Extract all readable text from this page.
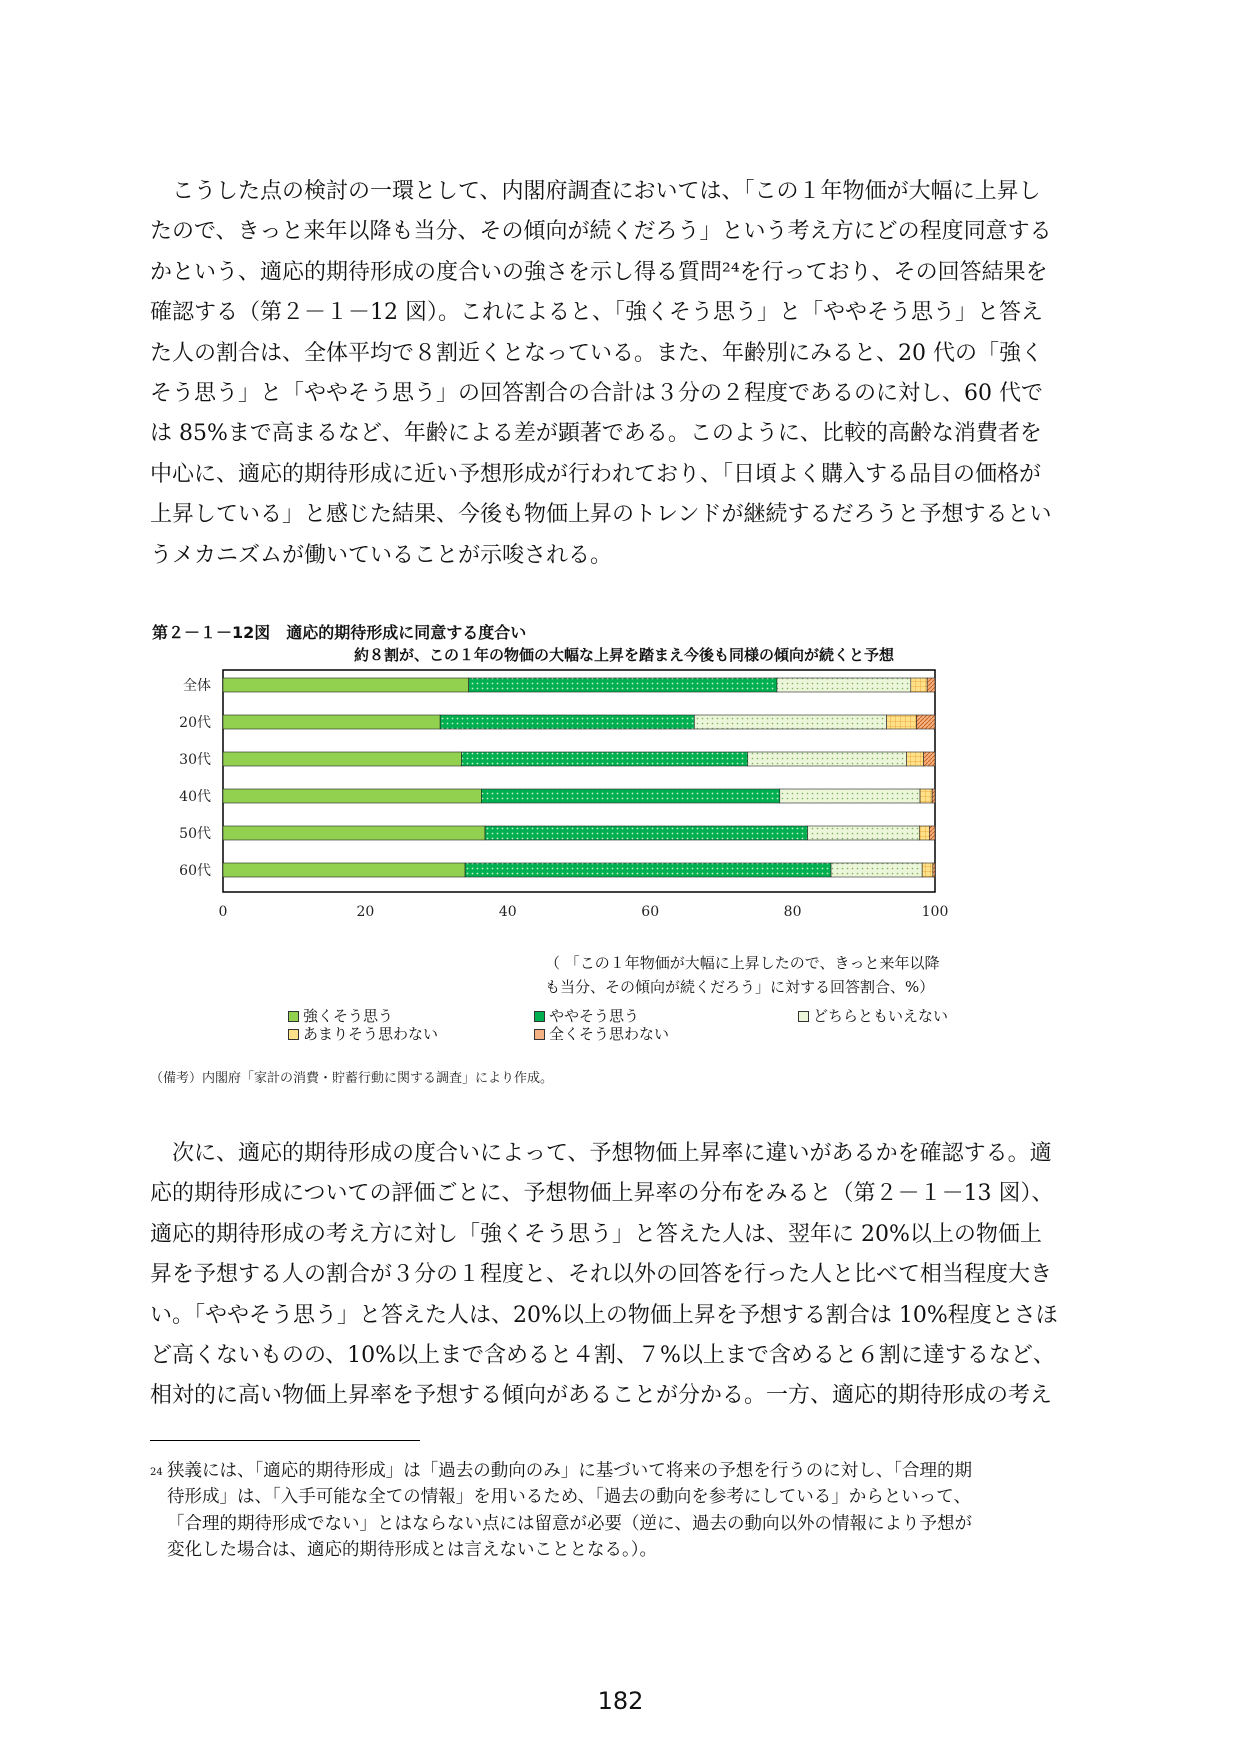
　こうした点の検討の一環として、内閣府調査においては、「この１年物価が大幅に上昇し
たので、きっと来年以降も当分、その傾向が続くだろう」という考え方にどの程度同意する
かという、適応的期待形成の度合いの強さを示し得る質問²⁴を行っており、その回答結果を
確認する（第２－１－12 図）。これによると、「強くそう思う」と「ややそう思う」と答え
た人の割合は、全体平均で８割近くとなっている。また、年齢別にみると、20 代の「強く
そう思う」と「ややそう思う」の回答割合の合計は３分の２程度であるのに対し、60 代で
は 85%まで高まるなど、年齢による差が顕著である。このように、比較的高齢な消費者を
中心に、適応的期待形成に近い予想形成が行われており、「日頃よく購入する品目の価格が
上昇している」と感じた結果、今後も物価上昇のトレンドが継続するだろうと予想するとい
うメカニズムが働いていることが示唆される。
第２－１－12図　適応的期待形成に同意する度合い
約８割が、この１年の物価の大幅な上昇を踏まえ今後も同様の傾向が続くと予想
全体
20代
30代
40代
50代
60代
0	20	40	60	80	100
（ 「この１年物価が大幅に上昇したので、きっと来年以降
も当分、その傾向が続くだろう」に対する回答割合、%）
強くそう思う	ややそう思う	どちらともいえない
あまりそう思わない	全くそう思わない
（備考）内閣府「家計の消費・貯蓄行動に関する調査」により作成。
　次に、適応的期待形成の度合いによって、予想物価上昇率に違いがあるかを確認する。適
応的期待形成についての評価ごとに、予想物価上昇率の分布をみると（第２－１－13 図）、
適応的期待形成の考え方に対し「強くそう思う」と答えた人は、翌年に 20%以上の物価上
昇を予想する人の割合が３分の１程度と、それ以外の回答を行った人と比べて相当程度大き
い。「ややそう思う」と答えた人は、20%以上の物価上昇を予想する割合は 10%程度とさほ
ど高くないものの、10%以上まで含めると４割、７%以上まで含めると６割に達するなど、
相対的に高い物価上昇率を予想する傾向があることが分かる。一方、適応的期待形成の考え
24 狭義には、「適応的期待形成」は「過去の動向のみ」に基づいて将来の予想を行うのに対し、「合理的期
待形成」は、「入手可能な全ての情報」を用いるため、「過去の動向を参考にしている」からといって、
「合理的期待形成でない」とはならない点には留意が必要（逆に、過去の動向以外の情報により予想が
変化した場合は、適応的期待形成とは言えないこととなる。）。
182
